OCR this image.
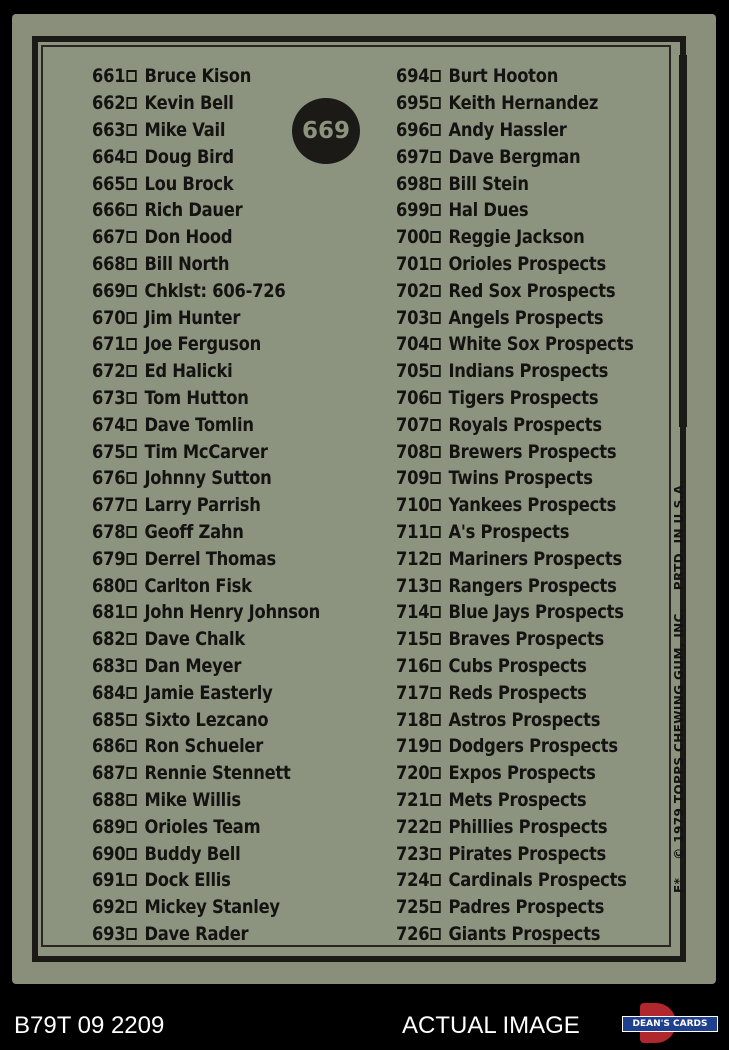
661 Bruce Kison
662 Kevin Bell
663 Mike Vail
664 Doug Bird
665 Lou Brock
666 Rich Dauer
667 Don Hood
668 Bill North
669 Chklst: 606-726
670 Jim Hunter
671 Joe Ferguson
672 Ed Halicki
673 Tom Hutton
674 Dave Tomlin
675 Tim McCarver
676 Johnny Sutton
677 Larry Parrish
678 Geoff Zahn
679 Derrel Thomas
680 Carlton Fisk
681 John Henry Johnson
682 Dave Chalk
683 Dan Meyer
684 Jamie Easterly
685 Sixto Lezcano
686 Ron Schueler
687 Rennie Stennett
688 Mike Willis
689 Orioles Team
690 Buddy Bell
691 Dock Ellis
692 Mickey Stanley
693 Dave Rader
694 Burt Hooton
695 Keith Hernandez
696 Andy Hassler
697 Dave Bergman
698 Bill Stein
699 Hal Dues
700 Reggie Jackson
701 Orioles Prospects
702 Red Sox Prospects
703 Angels Prospects
704 White Sox Prospects
705 Indians Prospects
706 Tigers Prospects
707 Royals Prospects
708 Brewers Prospects
709 Twins Prospects
710 Yankees Prospects
711 A's Prospects
712 Mariners Prospects
713 Rangers Prospects
714 Blue Jays Prospects
715 Braves Prospects
716 Cubs Prospects
717 Reds Prospects
718 Astros Prospects
719 Dodgers Prospects
720 Expos Prospects
721 Mets Prospects
722 Phillies Prospects
723 Pirates Prospects
724 Cardinals Prospects
725 Padres Prospects
726 Giants Prospects
669
F*© 1979 TOPPS CHEWING GUM, INC.PRTD. IN U.S.A.
B79T 09 2209	ACTUAL IMAGE	DEAN'S CARDS
